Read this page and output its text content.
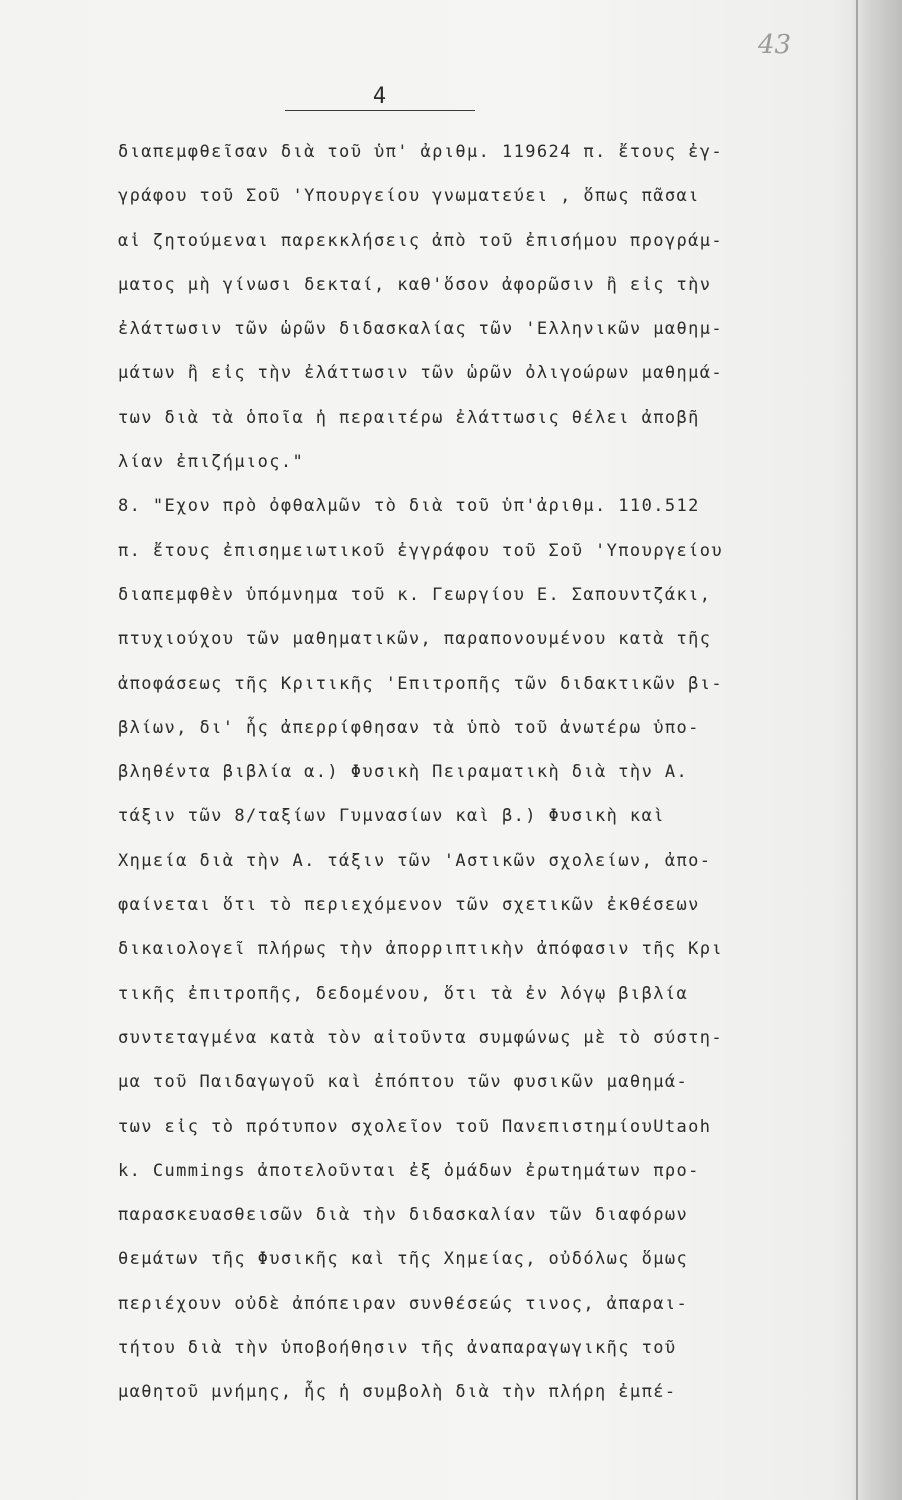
43
4
διαπεμφθεῖσαν διὰ τοῦ ὑπ' ἀριθμ. 119624 π. ἔτους ἐγ-
γράφου τοῦ Σοῦ 'Υπουργείου γνωματεύει , ὅπως πᾶσαι
αἱ ζητούμεναι παρεκκλήσεις ἀπὸ τοῦ ἐπισήμου προγράμ-
ματος μὴ γίνωσι δεκταί, καθ'ὅσον ἀφορῶσιν ἢ εἰς τὴν
ἐλάττωσιν τῶν ὡρῶν διδασκαλίας τῶν 'Ελληνικῶν μαθημ-
μάτων ἢ εἰς τὴν ἐλάττωσιν τῶν ὡρῶν ὀλιγοώρων μαθημά-
των διὰ τὰ ὁποῖα ἡ περαιτέρω ἐλάττωσις θέλει ἀποβῆ
λίαν ἐπιζήμιος."
8. "Εχον πρὸ ὀφθαλμῶν τὸ διὰ τοῦ ὑπ'ἀριθμ. 110.512
π. ἔτους ἐπισημειωτικοῦ ἐγγράφου τοῦ Σοῦ 'Υπουργείου
διαπεμφθὲν ὑπόμνημα τοῦ κ. Γεωργίου Ε. Σαπουντζάκι,
πτυχιούχου τῶν μαθηματικῶν, παραπονουμένου κατὰ τῆς
ἀποφάσεως τῆς Κριτικῆς 'Επιτροπῆς τῶν διδακτικῶν βι-
βλίων, δι' ἧς ἀπερρίφθησαν τὰ ὑπὸ τοῦ ἀνωτέρω ὑπο-
βληθέντα βιβλία α.) Φυσικὴ Πειραματικὴ διὰ τὴν Α.
τάξιν τῶν 8/ταξίων Γυμνασίων καὶ β.) Φυσικὴ καὶ
Χημεία διὰ τὴν Α. τάξιν τῶν 'Αστικῶν σχολείων, ἀπο-
φαίνεται ὅτι τὸ περιεχόμενον τῶν σχετικῶν ἐκθέσεων
δικαιολογεῖ πλήρως τὴν ἀπορριπτικὴν ἀπόφασιν τῆς Κρι
τικῆς ἐπιτροπῆς, δεδομένου, ὅτι τὰ ἐν λόγῳ βιβλία
συντεταγμένα κατὰ τὸν αἰτοῦντα συμφώνως μὲ τὸ σύστη-
μα τοῦ Παιδαγωγοῦ καὶ ἐπόπτου τῶν φυσικῶν μαθημά-
των εἰς τὸ πρότυπον σχολεῖον τοῦ ΠανεπιστημίουUtaoh
k. Cummings ἀποτελοῦνται ἐξ ὁμάδων ἐρωτημάτων προ-
παρασκευασθεισῶν διὰ τὴν διδασκαλίαν τῶν διαφόρων
θεμάτων τῆς Φυσικῆς καὶ τῆς Χημείας, οὐδόλως ὅμως
περιέχουν οὐδὲ ἀπόπειραν συνθέσεώς τινος, ἀπαραι-
τήτου διὰ τὴν ὑποβοήθησιν τῆς ἀναπαραγωγικῆς τοῦ
μαθητοῦ μνήμης, ἧς ἡ συμβολὴ διὰ τὴν πλήρη ἐμπέ-
